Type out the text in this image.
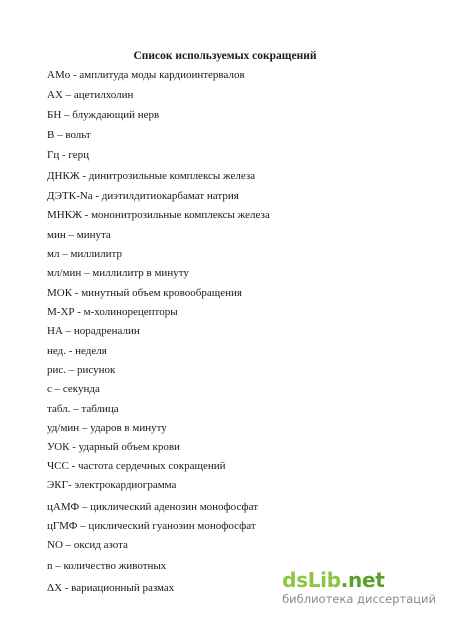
Список используемых сокращений
AMo - амплитуда моды кардиоинтервалов
AX – ацетилхолин
БН – блуждающий нерв
В – вольт
Гц - герц
ДНКЖ - динитрозильные комплексы железа
ДЭТК-Na - диэтилдитиокарбамат натрия
МНКЖ - мононитрозильные комплексы железа
мин – минута
мл – миллилитр
мл/мин – миллилитр в минуту
МОК - минутный объем кровообращения
М-ХР - м-холинорецепторы
НА – норадреналин
нед. - неделя
рис. – рисунок
с – секунда
табл. – таблица
уд/мин – ударов в минуту
УОК - ударный объем крови
ЧСС - частота сердечных сокращений
ЭКГ- электрокардиограмма
цАМФ – циклический аденозин монофосфат
цГМФ – циклический гуанозин монофосфат
NO – оксид азота
n – количество животных
ΔX - вариационный размах	dsLib.net
библиотека диссертаций
